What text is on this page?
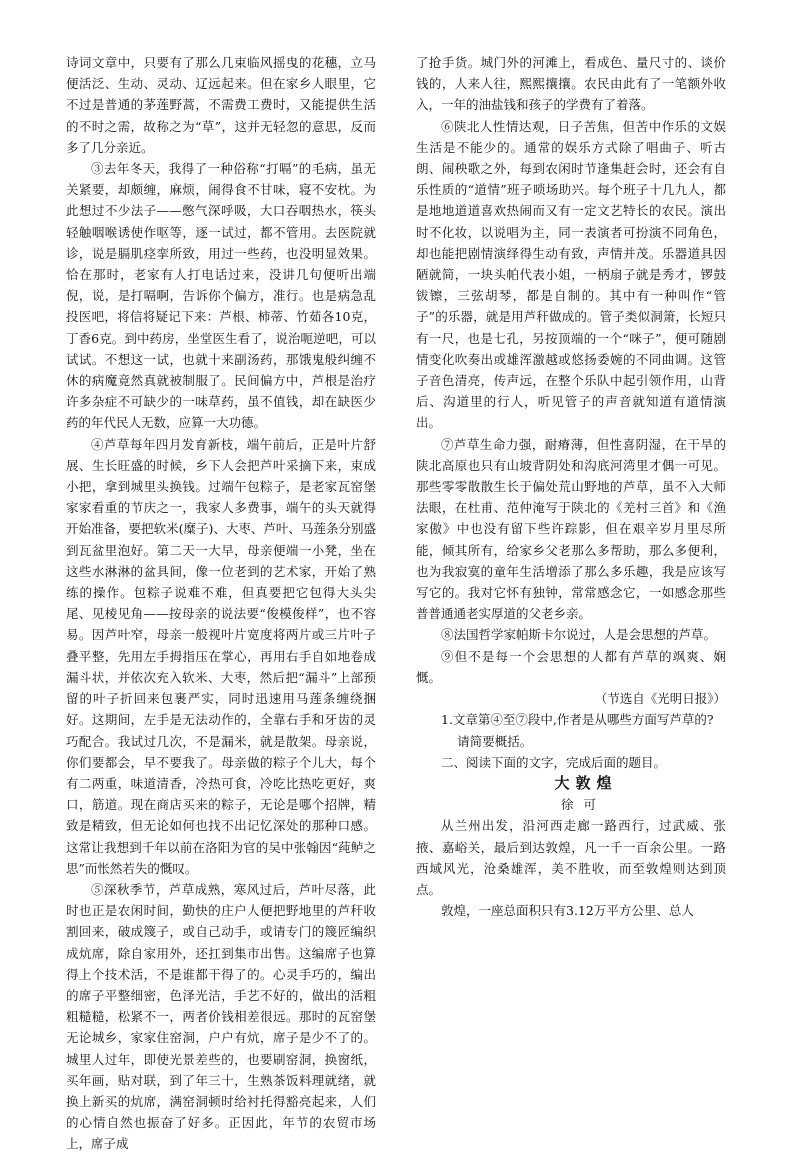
诗词文章中，只要有了那么几束临风摇曳的花穗，立马便活泛、生动、灵动、辽远起来。但在家乡人眼里，它不过是普通的茅莲野蒿，不需费工费时，又能提供生活的不时之需，故称之为“草”，这并无轻忽的意思，反而多了几分亲近。

③去年冬天，我得了一种俗称“打嗝”的毛病，虽无关紧要，却颇缠，麻烦，闹得食不甘味，寝不安枕。为此想过不少法子——憋气深呼吸，大口吞咽热水，筷头轻触咽喉诱使作呕等，逐一试过，都不管用。去医院就诊，说是膈肌痉挛所致，用过一些药，也没明显效果。恰在那时，老家有人打电话过来，没讲几句便听出端倪，说，是打嗝啊，告诉你个偏方，准行。也是病急乱投医吧，将信将疑记下来：芦根、柿蒂、竹茹各10克，丁香6克。到中药房，坐堂医生看了，说治呃逆吧，可以试试。不想这一试，也就十来副汤药，那饿鬼般纠缠不休的病魔竟然真就被制服了。民间偏方中，芦根是治疗许多杂症不可缺少的一味草药，虽不值钱，却在缺医少药的年代民人无数，应算一大功德。

④芦草每年四月发育新枝，端午前后，正是叶片舒展、生长旺盛的时候，乡下人会把芦叶采摘下来，束成小把，拿到城里头换钱。过端午包粽子，是老家瓦窑堡家家看重的节庆之一，我家人多费事，端午的头天就得开始准备，要把软米(糜子)、大枣、芦叶、马莲条分别盛到瓦盆里泡好。第二天一大早，母亲便端一小凳，坐在这些水淋淋的盆具间，像一位老到的艺术家，开始了熟练的操作。包粽子说难不难，但真要把它包得大头尖尾、见棱见角——按母亲的说法要“俊模俊样”，也不容易。因芦叶窄，母亲一般视叶片宽度将两片或三片叶子叠平整，先用左手拇指压在掌心，再用右手自如地卷成漏斗状，并依次充入软米、大枣，然后把“漏斗”上部预留的叶子折回来包裹严实，同时迅速用马莲条缠绕捆好。这期间，左手是无法动作的，全靠右手和牙齿的灵巧配合。我试过几次，不是漏米，就是散架。母亲说，你们要都会，早不要我了。母亲做的粽子个儿大，每个有二两重，味道清香，冷热可食，冷吃比热吃更好，爽口，筋道。现在商店买来的粽子，无论是哪个招牌，精致是精致，但无论如何也找不出记忆深处的那种口感。这常让我想到千年以前在洛阳为官的吴中张翰因“莼鲈之思”而怅然若失的慨叹。

⑤深秋季节，芦草成熟，寒风过后，芦叶尽落，此时也正是农闲时间，勤快的庄户人便把野地里的芦秆收割回来，破成篾子，或自己动手，或请专门的篾匠编织成炕席，除自家用外，还扛到集市出售。这编席子也算得上个技术活，不是谁都干得了的。心灵手巧的，编出的席子平整细密，色泽光洁，手艺不好的，做出的活粗粗糙糙，松紧不一，两者价钱相差很远。那时的瓦窑堡无论城乡，家家住窑洞，户户有炕，席子是少不了的。城里人过年，即使光景差些的，也要刷窑洞，换窗纸，买年画，贴对联，到了年三十，生熟茶饭料理就绪，就换上新买的炕席，满窑洞顿时给衬托得豁亮起来，人们的心情自然也振奋了好多。正因此，年节的农贸市场上，席子成

了抢手货。城门外的河滩上，看成色、量尺寸的、谈价钱的，人来人往，熙熙攘攘。农民由此有了一笔额外收入，一年的油盐钱和孩子的学费有了着落。

⑥陕北人性情达观，日子苦焦，但苦中作乐的文娱生活是不能少的。通常的娱乐方式除了唱曲子、听古朗、闹秧歌之外，每到农闲时节逢集赶会时，还会有自乐性质的“道情”班子唢场助兴。每个班子十几九人，都是地地道道喜欢热闹而又有一定文艺特长的农民。演出时不化妆，以说唱为主，同一表演者可扮演不同角色，却也能把剧情演绎得生动有致，声情并茂。乐器道具因陋就简，一块头帕代表小姐，一柄扇子就是秀才，锣鼓钹镲，三弦胡琴，都是自制的。其中有一种叫作“管子”的乐器，就是用芦秆做成的。管子类似洞箫，长短只有一尺，也是七孔，另按顶端的一个“咪子”，便可随剧情变化吹奏出或雄浑激越或悠扬委婉的不同曲调。这管子音色清亮，传声远，在整个乐队中起引领作用，山背后、沟道里的行人，听见管子的声音就知道有道情演出。

⑦芦草生命力强，耐瘠薄，但性喜阴湿，在干旱的陕北高原也只有山坡背阴处和沟底河湾里才偶一可见。那些零零散散生长于偏处荒山野地的芦草，虽不入大师法眼，在杜甫、范仲淹写于陕北的《羌村三首》和《渔家傲》中也没有留下些许踪影，但在艰辛岁月里尽所能，倾其所有，给家乡父老那么多帮助，那么多便利，也为我寂寞的童年生活增添了那么多乐趣，我是应该写写它的。我对它怀有独钟，常常感念它，一如感念那些普普通通老实厚道的父老乡亲。

⑧法国哲学家帕斯卡尔说过，人是会思想的芦草。

⑨但不是每一个会思想的人都有芦草的飒爽、娴慨。

（节选自《光明日报》）

1.文章第④至⑦段中,作者是从哪些方面写芦草的?
请简要概括。

二、阅读下面的文字，完成后面的题目。

大敦煌

徐可

从兰州出发，沿河西走廊一路西行，过武威、张掖、嘉峪关，最后到达敦煌，凡一千一百余公里。一路西域风光，沧桑雄浑，美不胜收，而至敦煌则达到顶点。

敦煌，一座总面积只有3.12万平方公里、总人
